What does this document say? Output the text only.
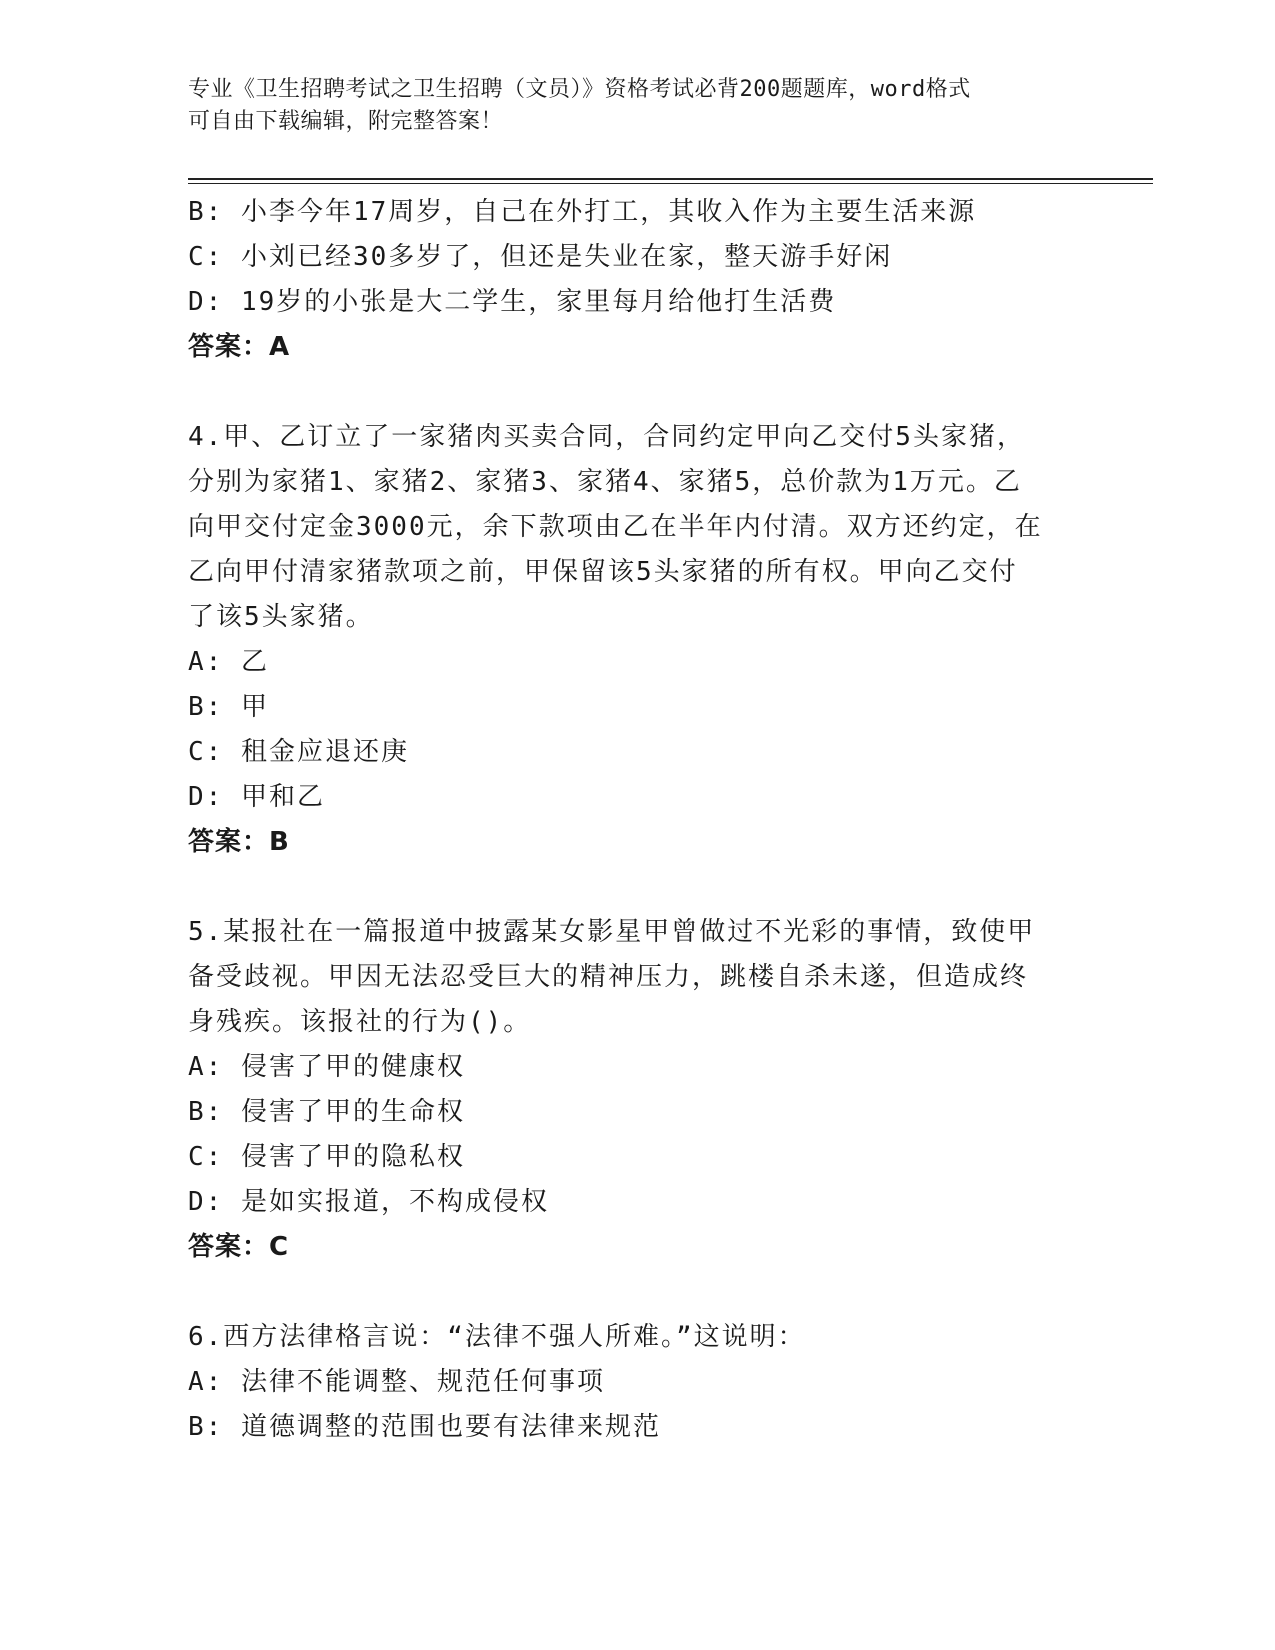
专业《卫生招聘考试之卫生招聘（文员）》资格考试必背200题题库，word格式
可自由下载编辑，附完整答案！
B: 小李今年17周岁，自己在外打工，其收入作为主要生活来源
C: 小刘已经30多岁了，但还是失业在家，整天游手好闲
D: 19岁的小张是大二学生，家里每月给他打生活费
答案：A
4.甲、乙订立了一家猪肉买卖合同，合同约定甲向乙交付5头家猪，
分别为家猪1、家猪2、家猪3、家猪4、家猪5，总价款为1万元。乙
向甲交付定金3000元，余下款项由乙在半年内付清。双方还约定，在
乙向甲付清家猪款项之前，甲保留该5头家猪的所有权。甲向乙交付
了该5头家猪。
A: 乙
B: 甲
C: 租金应退还庚
D: 甲和乙
答案：B
5.某报社在一篇报道中披露某女影星甲曾做过不光彩的事情，致使甲
备受歧视。甲因无法忍受巨大的精神压力，跳楼自杀未遂，但造成终
身残疾。该报社的行为()。
A: 侵害了甲的健康权
B: 侵害了甲的生命权
C: 侵害了甲的隐私权
D: 是如实报道，不构成侵权
答案：C
6.西方法律格言说：“法律不强人所难。”这说明：
A: 法律不能调整、规范任何事项
B: 道德调整的范围也要有法律来规范
